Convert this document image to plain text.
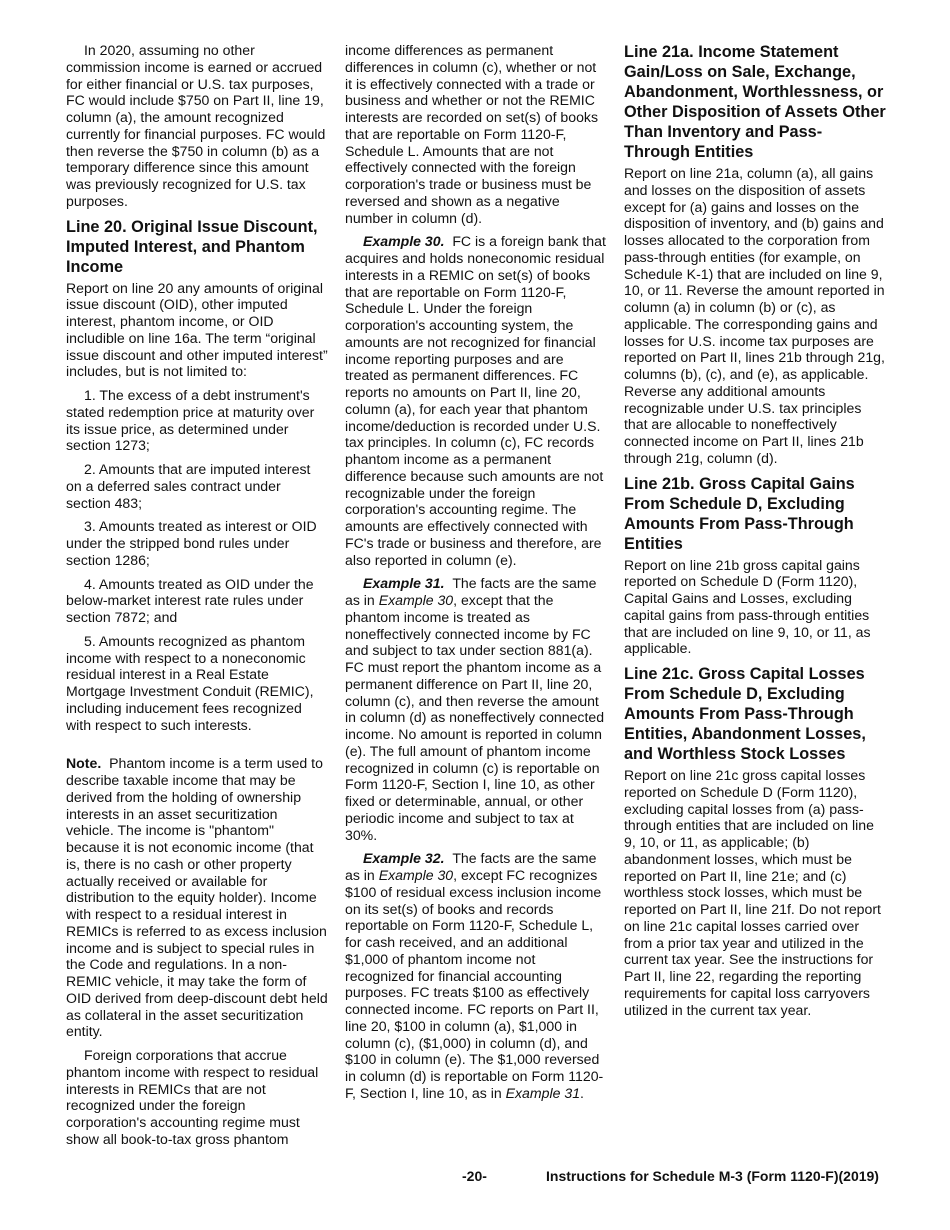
In 2020, assuming no other commission income is earned or accrued for either financial or U.S. tax purposes, FC would include $750 on Part II, line 19, column (a), the amount recognized currently for financial purposes. FC would then reverse the $750 in column (b) as a temporary difference since this amount was previously recognized for U.S. tax purposes.

Line 20. Original Issue Discount, Imputed Interest, and Phantom Income

Report on line 20 any amounts of original issue discount (OID), other imputed interest, phantom income, or OID includible on line 16a. The term “original issue discount and other imputed interest” includes, but is not limited to:

1. The excess of a debt instrument's stated redemption price at maturity over its issue price, as determined under section 1273;

2. Amounts that are imputed interest on a deferred sales contract under section 483;

3. Amounts treated as interest or OID under the stripped bond rules under section 1286;

4. Amounts treated as OID under the below-market interest rate rules under section 7872; and

5. Amounts recognized as phantom income with respect to a noneconomic residual interest in a Real Estate Mortgage Investment Conduit (REMIC), including inducement fees recognized with respect to such interests.

Note. Phantom income is a term used to describe taxable income that may be derived from the holding of ownership interests in an asset securitization vehicle. The income is "phantom" because it is not economic income (that is, there is no cash or other property actually received or available for distribution to the equity holder). Income with respect to a residual interest in REMICs is referred to as excess inclusion income and is subject to special rules in the Code and regulations. In a non-REMIC vehicle, it may take the form of OID derived from deep-discount debt held as collateral in the asset securitization entity.

Foreign corporations that accrue phantom income with respect to residual interests in REMICs that are not recognized under the foreign corporation's accounting regime must show all book-to-tax gross phantom

income differences as permanent differences in column (c), whether or not it is effectively connected with a trade or business and whether or not the REMIC interests are recorded on set(s) of books that are reportable on Form 1120-F, Schedule L. Amounts that are not effectively connected with the foreign corporation's trade or business must be reversed and shown as a negative number in column (d).

Example 30. FC is a foreign bank that acquires and holds noneconomic residual interests in a REMIC on set(s) of books that are reportable on Form 1120-F, Schedule L. Under the foreign corporation's accounting system, the amounts are not recognized for financial income reporting purposes and are treated as permanent differences. FC reports no amounts on Part II, line 20, column (a), for each year that phantom income/deduction is recorded under U.S. tax principles. In column (c), FC records phantom income as a permanent difference because such amounts are not recognizable under the foreign corporation's accounting regime. The amounts are effectively connected with FC's trade or business and therefore, are also reported in column (e).

Example 31. The facts are the same as in Example 30, except that the phantom income is treated as noneffectively connected income by FC and subject to tax under section 881(a). FC must report the phantom income as a permanent difference on Part II, line 20, column (c), and then reverse the amount in column (d) as noneffectively connected income. No amount is reported in column (e). The full amount of phantom income recognized in column (c) is reportable on Form 1120-F, Section I, line 10, as other fixed or determinable, annual, or other periodic income and subject to tax at 30%.

Example 32. The facts are the same as in Example 30, except FC recognizes $100 of residual excess inclusion income on its set(s) of books and records reportable on Form 1120-F, Schedule L, for cash received, and an additional $1,000 of phantom income not recognized for financial accounting purposes. FC treats $100 as effectively connected income. FC reports on Part II, line 20, $100 in column (a), $1,000 in column (c), ($1,000) in column (d), and $100 in column (e). The $1,000 reversed in column (d) is reportable on Form 1120-F, Section I, line 10, as in Example 31.

Line 21a. Income Statement Gain/Loss on Sale, Exchange, Abandonment, Worthlessness, or Other Disposition of Assets Other Than Inventory and Pass-Through Entities

Report on line 21a, column (a), all gains and losses on the disposition of assets except for (a) gains and losses on the disposition of inventory, and (b) gains and losses allocated to the corporation from pass-through entities (for example, on Schedule K-1) that are included on line 9, 10, or 11. Reverse the amount reported in column (a) in column (b) or (c), as applicable. The corresponding gains and losses for U.S. income tax purposes are reported on Part II, lines 21b through 21g, columns (b), (c), and (e), as applicable. Reverse any additional amounts recognizable under U.S. tax principles that are allocable to noneffectively connected income on Part II, lines 21b through 21g, column (d).

Line 21b. Gross Capital Gains From Schedule D, Excluding Amounts From Pass-Through Entities

Report on line 21b gross capital gains reported on Schedule D (Form 1120), Capital Gains and Losses, excluding capital gains from pass-through entities that are included on line 9, 10, or 11, as applicable.

Line 21c. Gross Capital Losses From Schedule D, Excluding Amounts From Pass-Through Entities, Abandonment Losses, and Worthless Stock Losses

Report on line 21c gross capital losses reported on Schedule D (Form 1120), excluding capital losses from (a) pass-through entities that are included on line 9, 10, or 11, as applicable; (b) abandonment losses, which must be reported on Part II, line 21e; and (c) worthless stock losses, which must be reported on Part II, line 21f. Do not report on line 21c capital losses carried over from a prior tax year and utilized in the current tax year. See the instructions for Part II, line 22, regarding the reporting requirements for capital loss carryovers utilized in the current tax year.

-20-	Instructions for Schedule M-3 (Form 1120-F)(2019)
